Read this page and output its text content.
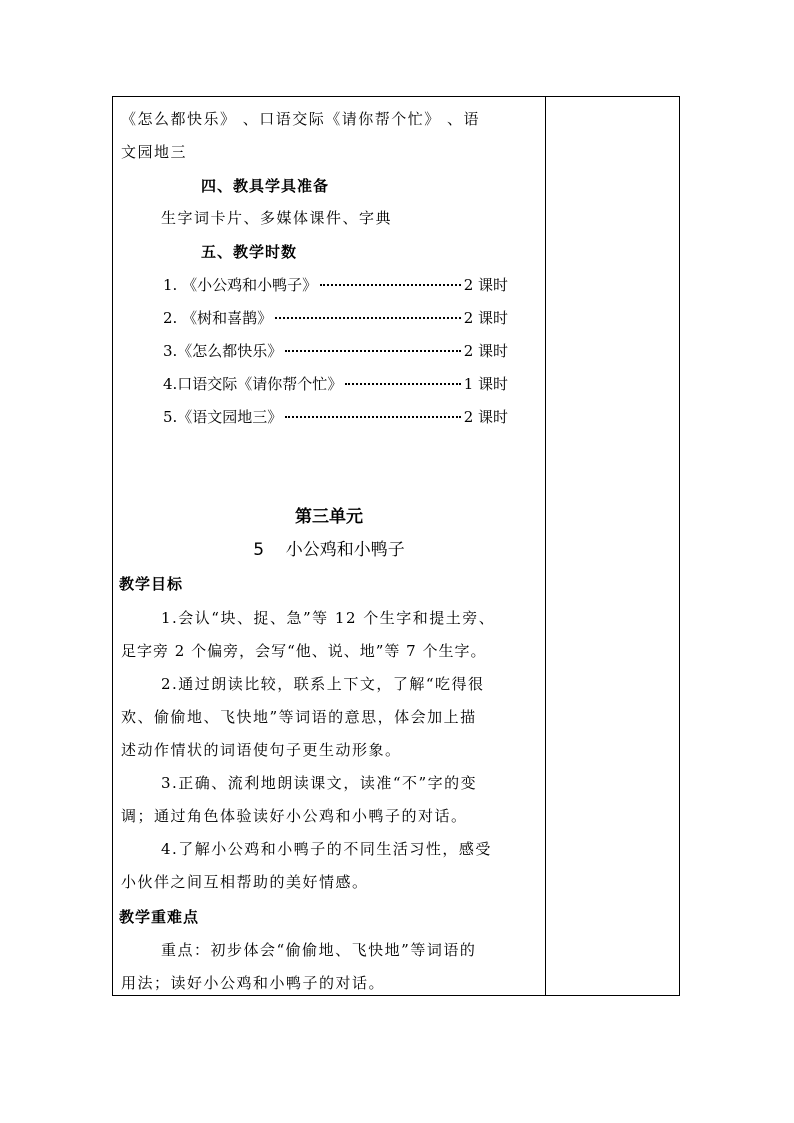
《怎么都快乐》 、口语交际《请你帮个忙》 、语
文园地三
四、教具学具准备
生字词卡片、多媒体课件、字典
五、教学时数
1. 《小公鸡和小鸭子》	2 课时
2. 《树和喜鹊》	2 课时
3.《怎么都快乐》	2 课时
4.口语交际《请你帮个忙》	1 课时
5.《语文园地三》	2 课时
第三单元
5    小公鸡和小鸭子
教学目标
1.会认“块、捉、急”等 12 个生字和提土旁、
足字旁 2 个偏旁，会写“他、说、地”等 7 个生字。
2.通过朗读比较，联系上下文，了解“吃得很
欢、偷偷地、飞快地”等词语的意思，体会加上描
述动作情状的词语使句子更生动形象。
3.正确、流利地朗读课文，读准“不”字的变
调；通过角色体验读好小公鸡和小鸭子的对话。
4.了解小公鸡和小鸭子的不同生活习性，感受
小伙伴之间互相帮助的美好情感。
教学重难点
重点：初步体会“偷偷地、飞快地”等词语的
用法；读好小公鸡和小鸭子的对话。
